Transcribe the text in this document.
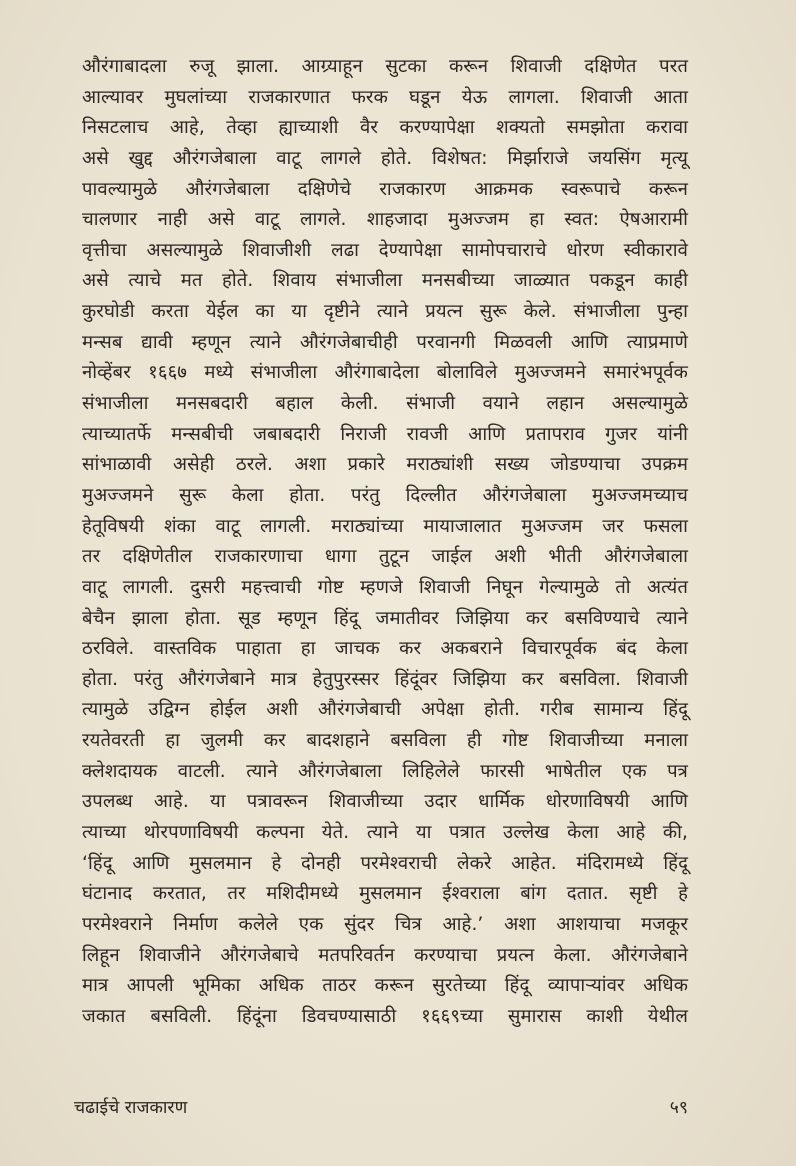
औरंगाबादला रुजू झाला. आग्र्याहून सुटका करून शिवाजी दक्षिणेत परत
आल्यावर मुघलांच्या राजकारणात फरक घडून येऊ लागला. शिवाजी आता
निसटलाच आहे, तेव्हा ह्याच्याशी वैर करण्यापेक्षा शक्यतो समझोता करावा
असे खुद्द औरंगजेबाला वाटू लागले होते. विशेषत: मिर्झाराजे जयसिंग मृत्यू
पावल्यामुळे औरंगजेबाला दक्षिणेचे राजकारण आक्रमक स्वरूपाचे करून
चालणार नाही असे वाटू लागले. शाहजादा मुअज्जम हा स्वत: ऐषआरामी
वृत्तीचा असल्यामुळे शिवाजीशी लढा देण्यापेक्षा सामोपचाराचे धोरण स्वीकारावे
असे त्याचे मत होते. शिवाय संभाजीला मनसबीच्या जाळ्यात पकडून काही
कुरघोडी करता येईल का या दृष्टीने त्याने प्रयत्न सुरू केले. संभाजीला पुन्हा
मन्सब द्यावी म्हणून त्याने औरंगजेबाचीही परवानगी मिळवली आणि त्याप्रमाणे
नोव्हेंबर १६६७ मध्ये संभाजीला औरंगाबादेला बोलाविले मुअज्जमने समारंभपूर्वक
संभाजीला मनसबदारी बहाल केली. संभाजी वयाने लहान असल्यामुळे
त्याच्यातर्फे मन्सबीची जबाबदारी निराजी रावजी आणि प्रतापराव गुजर यांनी
सांभाळावी असेही ठरले. अशा प्रकारे मराठ्यांशी सख्य जोडण्याचा उपक्रम
मुअज्जमने सुरू केला होता. परंतु दिल्लीत औरंगजेबाला मुअज्जमच्याच
हेतूविषयी शंका वाटू लागली. मराठ्यांच्या मायाजालात मुअज्जम जर फसला
तर दक्षिणेतील राजकारणाचा धागा तुटून जाईल अशी भीती औरंगजेबाला
वाटू लागली. दुसरी महत्त्वाची गोष्ट म्हणजे शिवाजी निघून गेल्यामुळे तो अत्यंत
बेचैन झाला होता. सूड म्हणून हिंदू जमातीवर जिझिया कर बसविण्याचे त्याने
ठरविले. वास्तविक पाहाता हा जाचक कर अकबराने विचारपूर्वक बंद केला
होता. परंतु औरंगजेबाने मात्र हेतुपुरस्सर हिंदूंवर जिझिया कर बसविला. शिवाजी
त्यामुळे उद्विग्न होईल अशी औरंगजेबाची अपेक्षा होती. गरीब सामान्य हिंदू
रयतेवरती हा जुलमी कर बादशहाने बसविला ही गोष्ट शिवाजीच्या मनाला
क्लेशदायक वाटली. त्याने औरंगजेबाला लिहिलेले फारसी भाषेतील एक पत्र
उपलब्ध आहे. या पत्रावरून शिवाजीच्या उदार धार्मिक धोरणाविषयी आणि
त्याच्या थोरपणाविषयी कल्पना येते. त्याने या पत्रात उल्लेख केला आहे की,
‘हिंदू आणि मुसलमान हे दोनही परमेश्वराची लेकरे आहेत. मंदिरामध्ये हिंदू
घंटानाद करतात, तर मशिदीमध्ये मुसलमान ईश्वराला बांग दतात. सृष्टी हे
परमेश्वराने निर्माण कलेले एक सुंदर चित्र आहे.’ अशा आशयाचा मजकूर
लिहून शिवाजीने औरंगजेबाचे मतपरिवर्तन करण्याचा प्रयत्न केला. औरंगजेबाने
मात्र आपली भूमिका अधिक ताठर करून सुरतेच्या हिंदू व्यापाऱ्यांवर अधिक
जकात बसविली. हिंदूंना डिवचण्यासाठी १६६९च्या सुमारास काशी येथील
चढाईचे राजकारण	५९
